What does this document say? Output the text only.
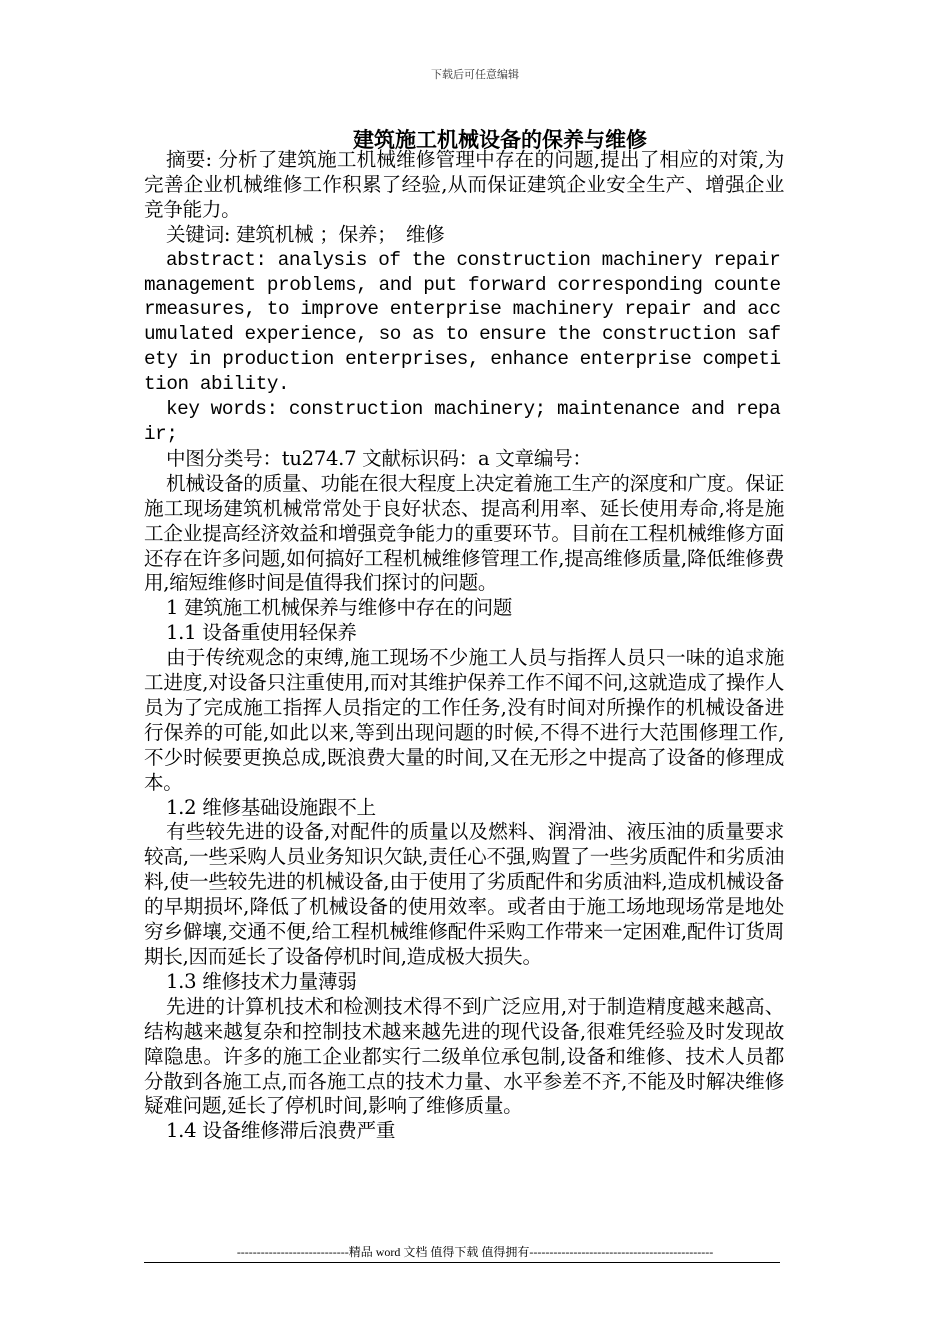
下载后可任意编辑
建筑施工机械设备的保养与维修

摘要: 分析了建筑施工机械维修管理中存在的问题,提出了相应的对策,为完善企业机械维修工作积累了经验,从而保证建筑企业安全生产、增强企业竞争能力。

关键词: 建筑机械 ；保养；　维修

abstract: analysis of the construction machinery repair management problems, and put forward corresponding countermeasures, to improve enterprise machinery repair and accumulated experience, so as to ensure the construction safety in production enterprises, enhance enterprise competition ability.

key words: construction machinery; maintenance and repair;

中图分类号：tu274.7 文献标识码：a 文章编号：

机械设备的质量、功能在很大程度上决定着施工生产的深度和广度。保证施工现场建筑机械常常处于良好状态、提高利用率、延长使用寿命,将是施工企业提高经济效益和增强竞争能力的重要环节。目前在工程机械维修方面还存在许多问题,如何搞好工程机械维修管理工作,提高维修质量,降低维修费用,缩短维修时间是值得我们探讨的问题。

1 建筑施工机械保养与维修中存在的问题

1.1 设备重使用轻保养

由于传统观念的束缚,施工现场不少施工人员与指挥人员只一味的追求施工进度,对设备只注重使用,而对其维护保养工作不闻不问,这就造成了操作人员为了完成施工指挥人员指定的工作任务,没有时间对所操作的机械设备进行保养的可能,如此以来,等到出现问题的时候,不得不进行大范围修理工作,不少时候要更换总成,既浪费大量的时间,又在无形之中提高了设备的修理成本。

1.2 维修基础设施跟不上

有些较先进的设备,对配件的质量以及燃料、润滑油、液压油的质量要求较高,一些采购人员业务知识欠缺,责任心不强,购置了一些劣质配件和劣质油料,使一些较先进的机械设备,由于使用了劣质配件和劣质油料,造成机械设备的早期损坏,降低了机械设备的使用效率。或者由于施工场地现场常是地处穷乡僻壤,交通不便,给工程机械维修配件采购工作带来一定困难,配件订货周期长,因而延长了设备停机时间,造成极大损失。

1.3 维修技术力量薄弱

先进的计算机技术和检测技术得不到广泛应用,对于制造精度越来越高、结构越来越复杂和控制技术越来越先进的现代设备,很难凭经验及时发现故障隐患。许多的施工企业都实行二级单位承包制,设备和维修、技术人员都分散到各施工点,而各施工点的技术力量、水平参差不齐,不能及时解决维修疑难问题,延长了停机时间,影响了维修质量。

1.4 设备维修滞后浪费严重

----------------------------精品 word 文档 值得下载 值得拥有----------------------------------------------
